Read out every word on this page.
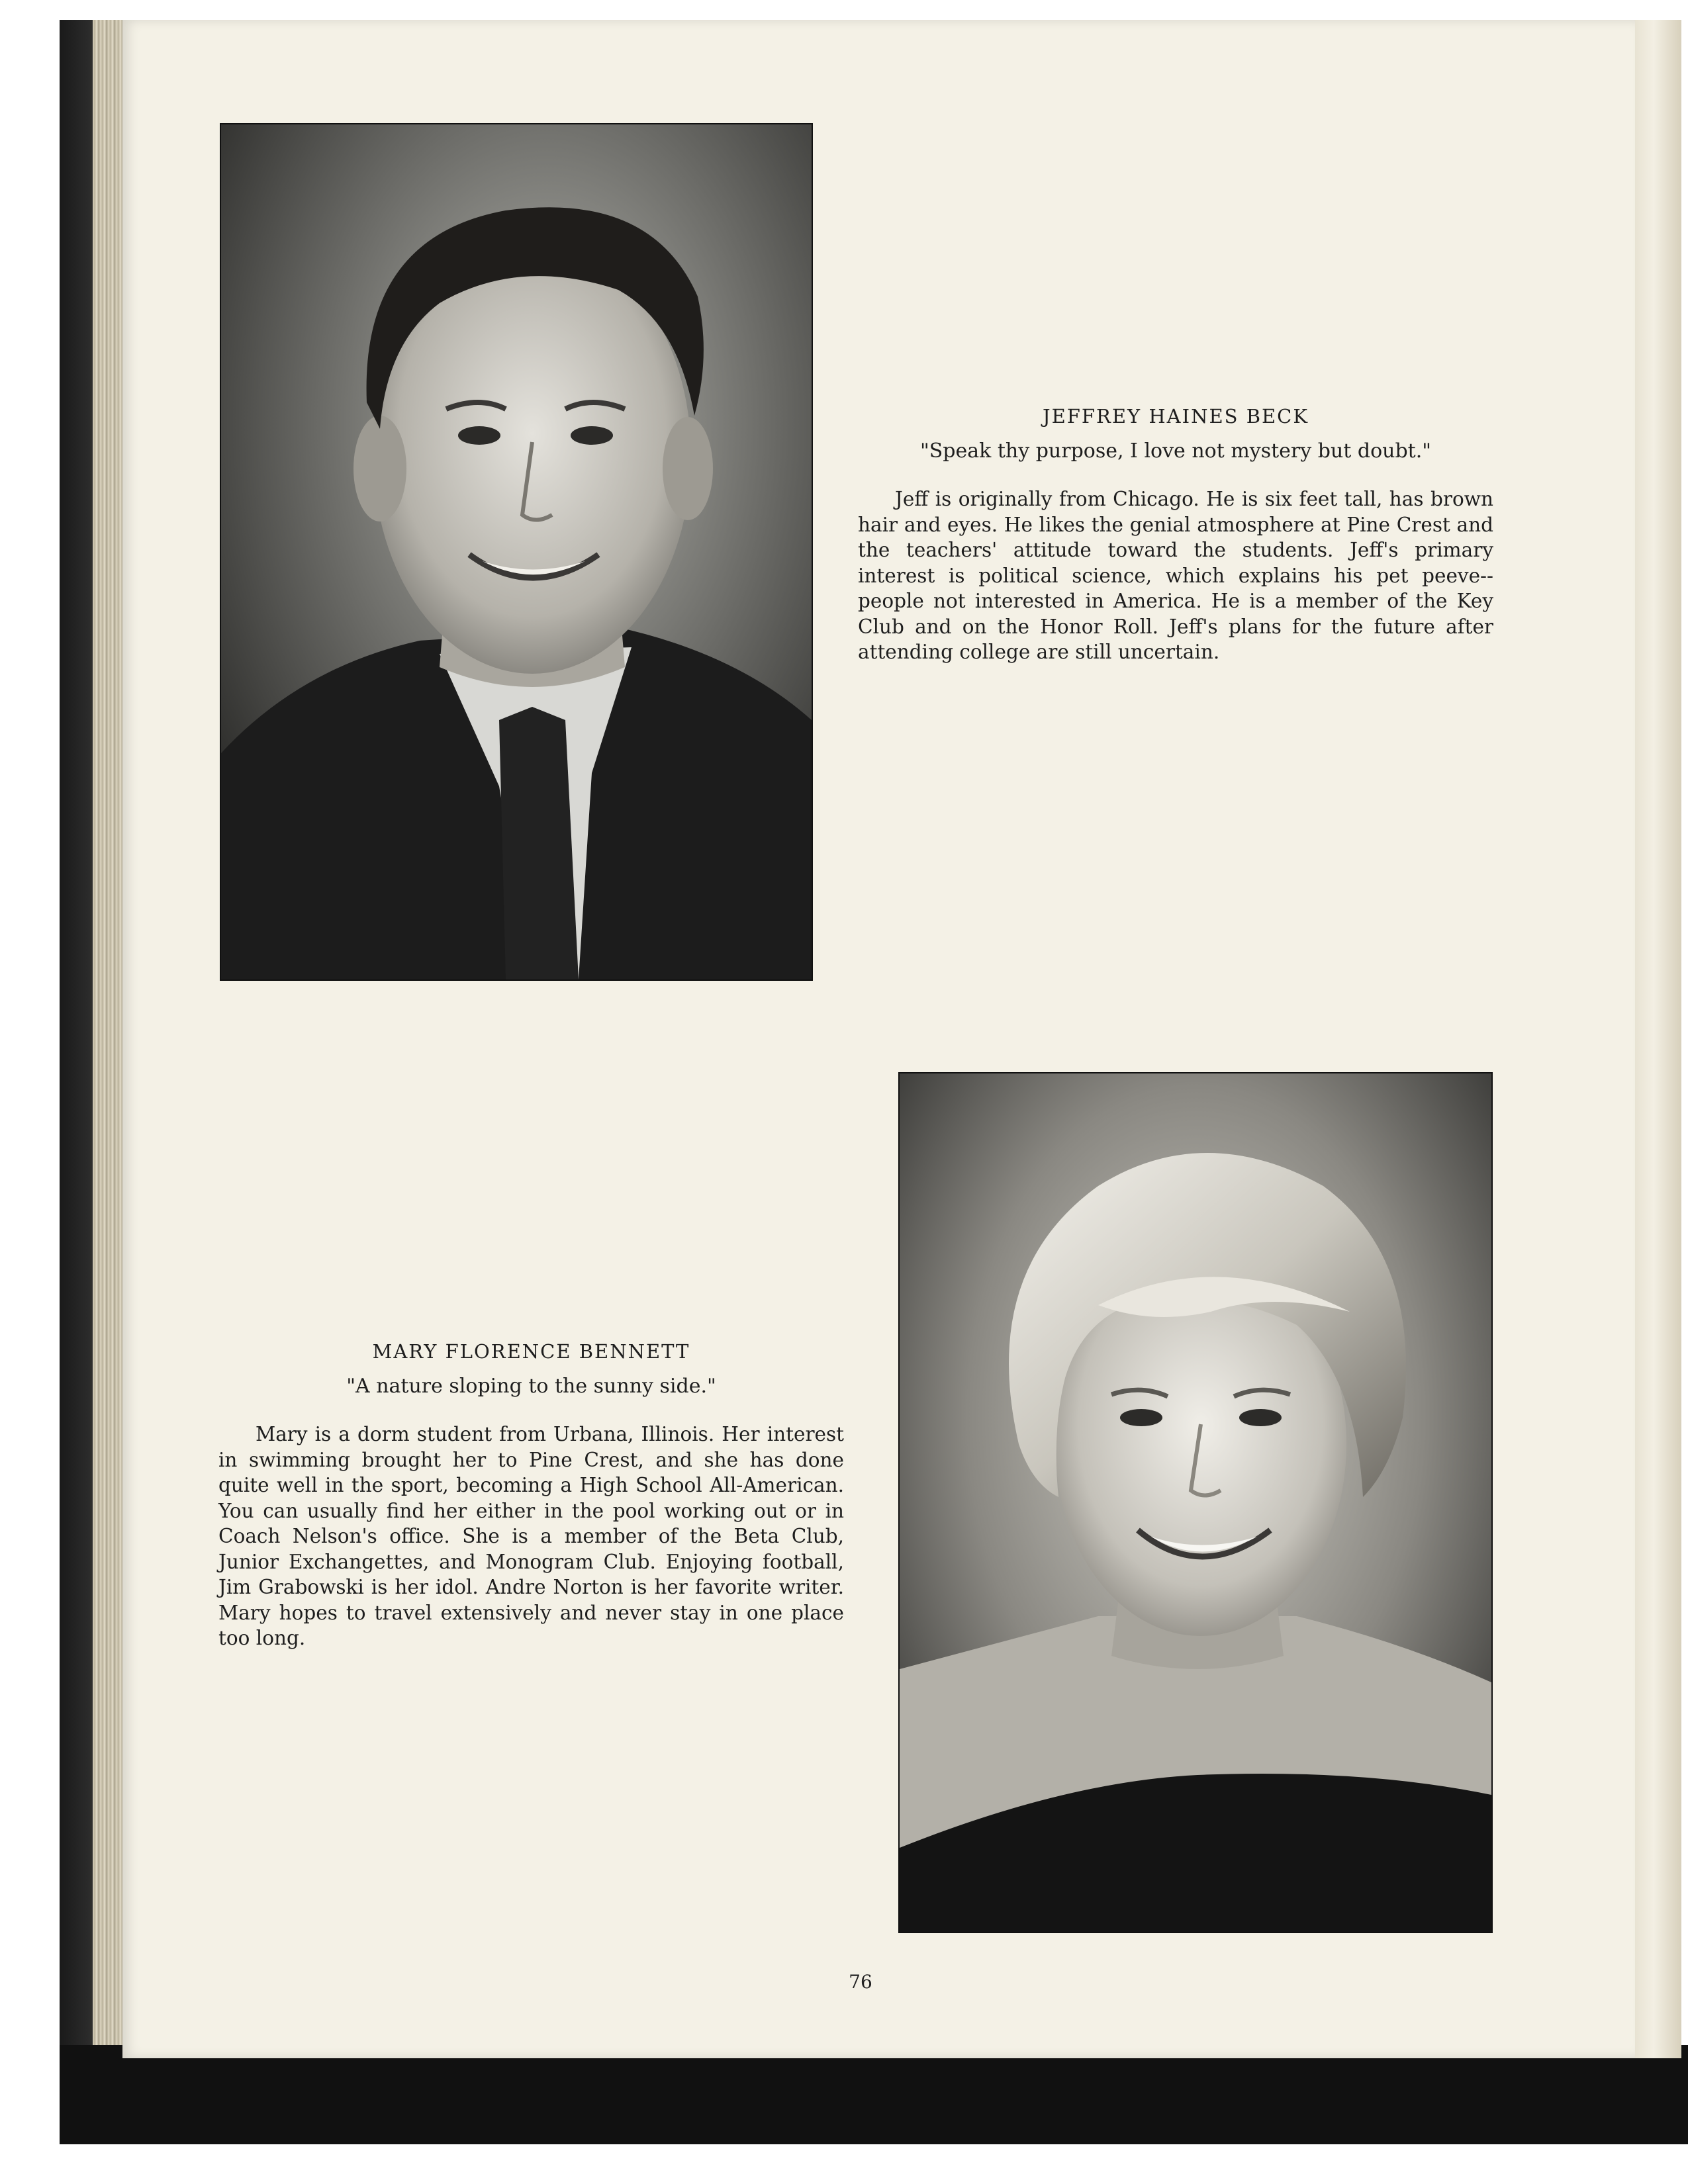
JEFFREY HAINES BECK
"Speak thy purpose, I love not mystery but doubt."
Jeff is originally from Chicago. He is six feet tall, has brown hair and eyes. He likes the genial atmosphere at Pine Crest and the teachers' attitude toward the students. Jeff's primary interest is political science, which explains his pet peeve--people not interested in America. He is a member of the Key Club and on the Honor Roll. Jeff's plans for the future after attending college are still uncertain.
MARY FLORENCE BENNETT
"A nature sloping to the sunny side."
Mary is a dorm student from Urbana, Illinois. Her interest in swimming brought her to Pine Crest, and she has done quite well in the sport, becoming a High School All-American. You can usually find her either in the pool working out or in Coach Nelson's office. She is a member of the Beta Club, Junior Exchangettes, and Monogram Club. Enjoying football, Jim Grabowski is her idol. Andre Norton is her favorite writer. Mary hopes to travel extensively and never stay in one place too long.
76
